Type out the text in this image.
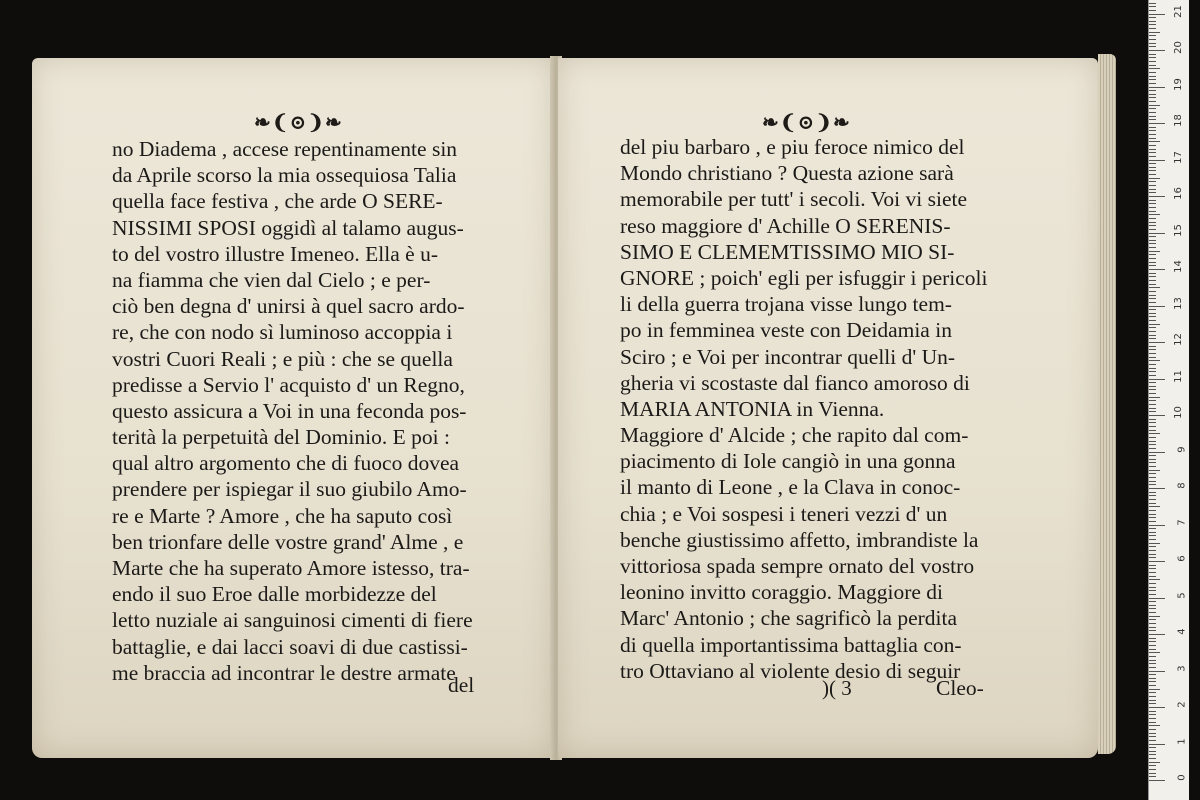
❧❨⊙❩❧
no Diadema , accese repentinamente sin
da Aprile scorso la mia ossequiosa Talia
quella face festiva , che arde O SERE-
NISSIMI SPOSI oggidì al talamo augus-
to del vostro illustre Imeneo. Ella è u-
na fiamma che vien dal Cielo ; e per-
ciò ben degna d' unirsi à quel sacro ardo-
re, che con nodo sì luminoso accoppia i
vostri Cuori Reali ; e più : che se quella
predisse a Servio l' acquisto d' un Regno,
questo assicura a Voi in una feconda pos-
terità la perpetuità del Dominio. E poi :
qual altro argomento che di fuoco dovea
prendere per ispiegar il suo giubilo Amo-
re e Marte ? Amore , che ha saputo così
ben trionfare delle vostre grand' Alme , e
Marte che ha superato Amore istesso, tra-
endo il suo Eroe dalle morbidezze del
letto nuziale ai sanguinosi cimenti di fiere
battaglie, e dai lacci soavi di due castissi-
me braccia ad incontrar le destre armate
del
❧❨⊙❩❧
del piu barbaro , e piu feroce nimico del
Mondo christiano ? Questa azione sarà
memorabile per tutt' i secoli. Voi vi siete
reso maggiore d' Achille O SERENIS-
SIMO E CLEMEMTISSIMO MIO SI-
GNORE ; poich' egli per isfuggir i pericoli
li della guerra trojana visse lungo tem-
po in femminea veste con Deidamia in
Sciro ; e Voi per incontrar quelli d' Un-
gheria vi scostaste dal fianco amoroso di
MARIA ANTONIA in Vienna.
Maggiore d' Alcide ; che rapito dal com-
piacimento di Iole cangiò in una gonna
il manto di Leone , e la Clava in conoc-
chia ; e Voi sospesi i teneri vezzi d' un
benche giustissimo affetto, imbrandiste la
vittoriosa spada sempre ornato del vostro
leonino invitto coraggio. Maggiore di
Marc' Antonio ; che sagrificò la perdita
di quella importantissima battaglia con-
tro Ottaviano al violente desio di seguir
)( 3	Cleo-
0
1
2
3
4
5
6
7
8
9
10
11
12
13
14
15
16
17
18
19
20
21
